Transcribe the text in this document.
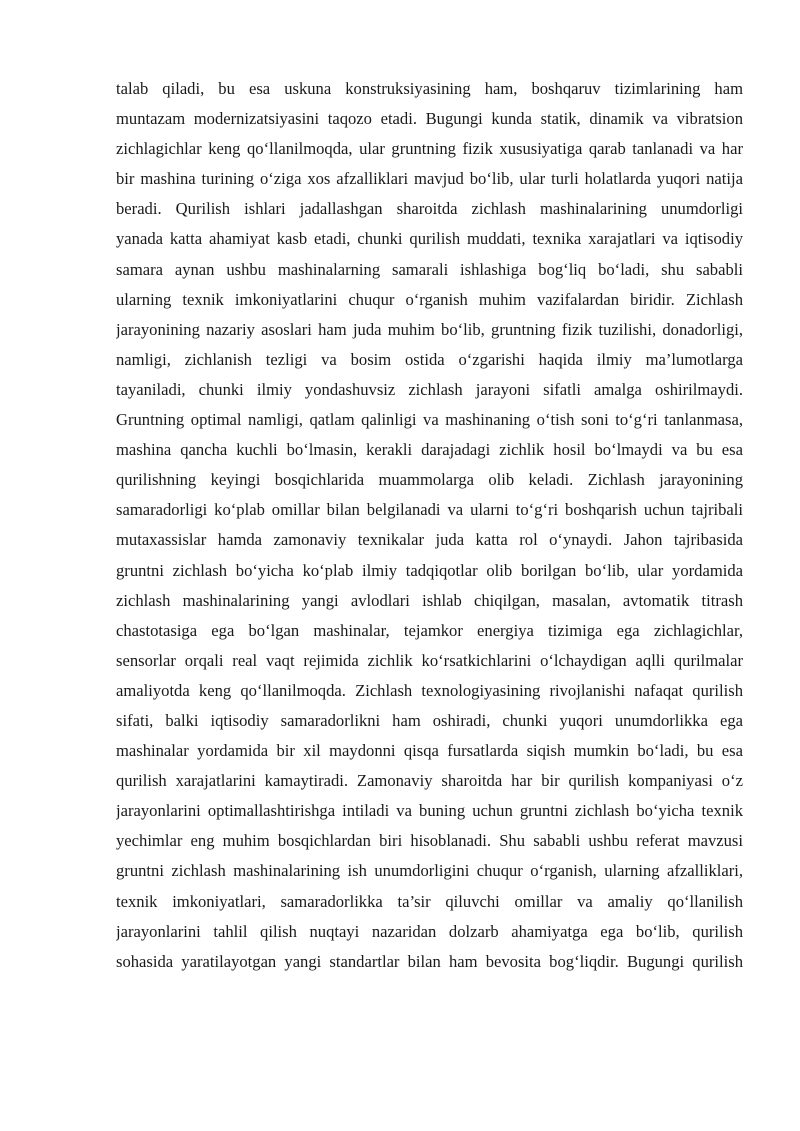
talab qiladi, bu esa uskuna konstruksiyasining ham, boshqaruv tizimlarining ham
muntazam modernizatsiyasini taqozo etadi. Bugungi kunda statik, dinamik va vibratsion
zichlagichlar keng qo‘llanilmoqda, ular gruntning fizik xususiyatiga qarab tanlanadi va har
bir mashina turining o‘ziga xos afzalliklari mavjud bo‘lib, ular turli holatlarda yuqori natija
beradi. Qurilish ishlari jadallashgan sharoitda zichlash mashinalarining unumdorligi
yanada katta ahamiyat kasb etadi, chunki qurilish muddati, texnika xarajatlari va iqtisodiy
samara aynan ushbu mashinalarning samarali ishlashiga bog‘liq bo‘ladi, shu sababli
ularning texnik imkoniyatlarini chuqur o‘rganish muhim vazifalardan biridir. Zichlash
jarayonining nazariy asoslari ham juda muhim bo‘lib, gruntning fizik tuzilishi, donadorligi,
namligi, zichlanish tezligi va bosim ostida o‘zgarishi haqida ilmiy ma’lumotlarga
tayaniladi, chunki ilmiy yondashuvsiz zichlash jarayoni sifatli amalga oshirilmaydi.
Gruntning optimal namligi, qatlam qalinligi va mashinaning o‘tish soni to‘g‘ri tanlanmasa,
mashina qancha kuchli bo‘lmasin, kerakli darajadagi zichlik hosil bo‘lmaydi va bu esa
qurilishning keyingi bosqichlarida muammolarga olib keladi. Zichlash jarayonining
samaradorligi ko‘plab omillar bilan belgilanadi va ularni to‘g‘ri boshqarish uchun tajribali
mutaxassislar hamda zamonaviy texnikalar juda katta rol o‘ynaydi. Jahon tajribasida
gruntni zichlash bo‘yicha ko‘plab ilmiy tadqiqotlar olib borilgan bo‘lib, ular yordamida
zichlash mashinalarining yangi avlodlari ishlab chiqilgan, masalan, avtomatik titrash
chastotasiga ega bo‘lgan mashinalar, tejamkor energiya tizimiga ega zichlagichlar,
sensorlar orqali real vaqt rejimida zichlik ko‘rsatkichlarini o‘lchaydigan aqlli qurilmalar
amaliyotda keng qo‘llanilmoqda. Zichlash texnologiyasining rivojlanishi nafaqat qurilish
sifati, balki iqtisodiy samaradorlikni ham oshiradi, chunki yuqori unumdorlikka ega
mashinalar yordamida bir xil maydonni qisqa fursatlarda siqish mumkin bo‘ladi, bu esa
qurilish xarajatlarini kamaytiradi. Zamonaviy sharoitda har bir qurilish kompaniyasi o‘z
jarayonlarini optimallashtirishga intiladi va buning uchun gruntni zichlash bo‘yicha texnik
yechimlar eng muhim bosqichlardan biri hisoblanadi. Shu sababli ushbu referat mavzusi
gruntni zichlash mashinalarining ish unumdorligini chuqur o‘rganish, ularning afzalliklari,
texnik imkoniyatlari, samaradorlikka ta’sir qiluvchi omillar va amaliy qo‘llanilish
jarayonlarini tahlil qilish nuqtayi nazaridan dolzarb ahamiyatga ega bo‘lib, qurilish
sohasida yaratilayotgan yangi standartlar bilan ham bevosita bog‘liqdir. Bugungi qurilish
